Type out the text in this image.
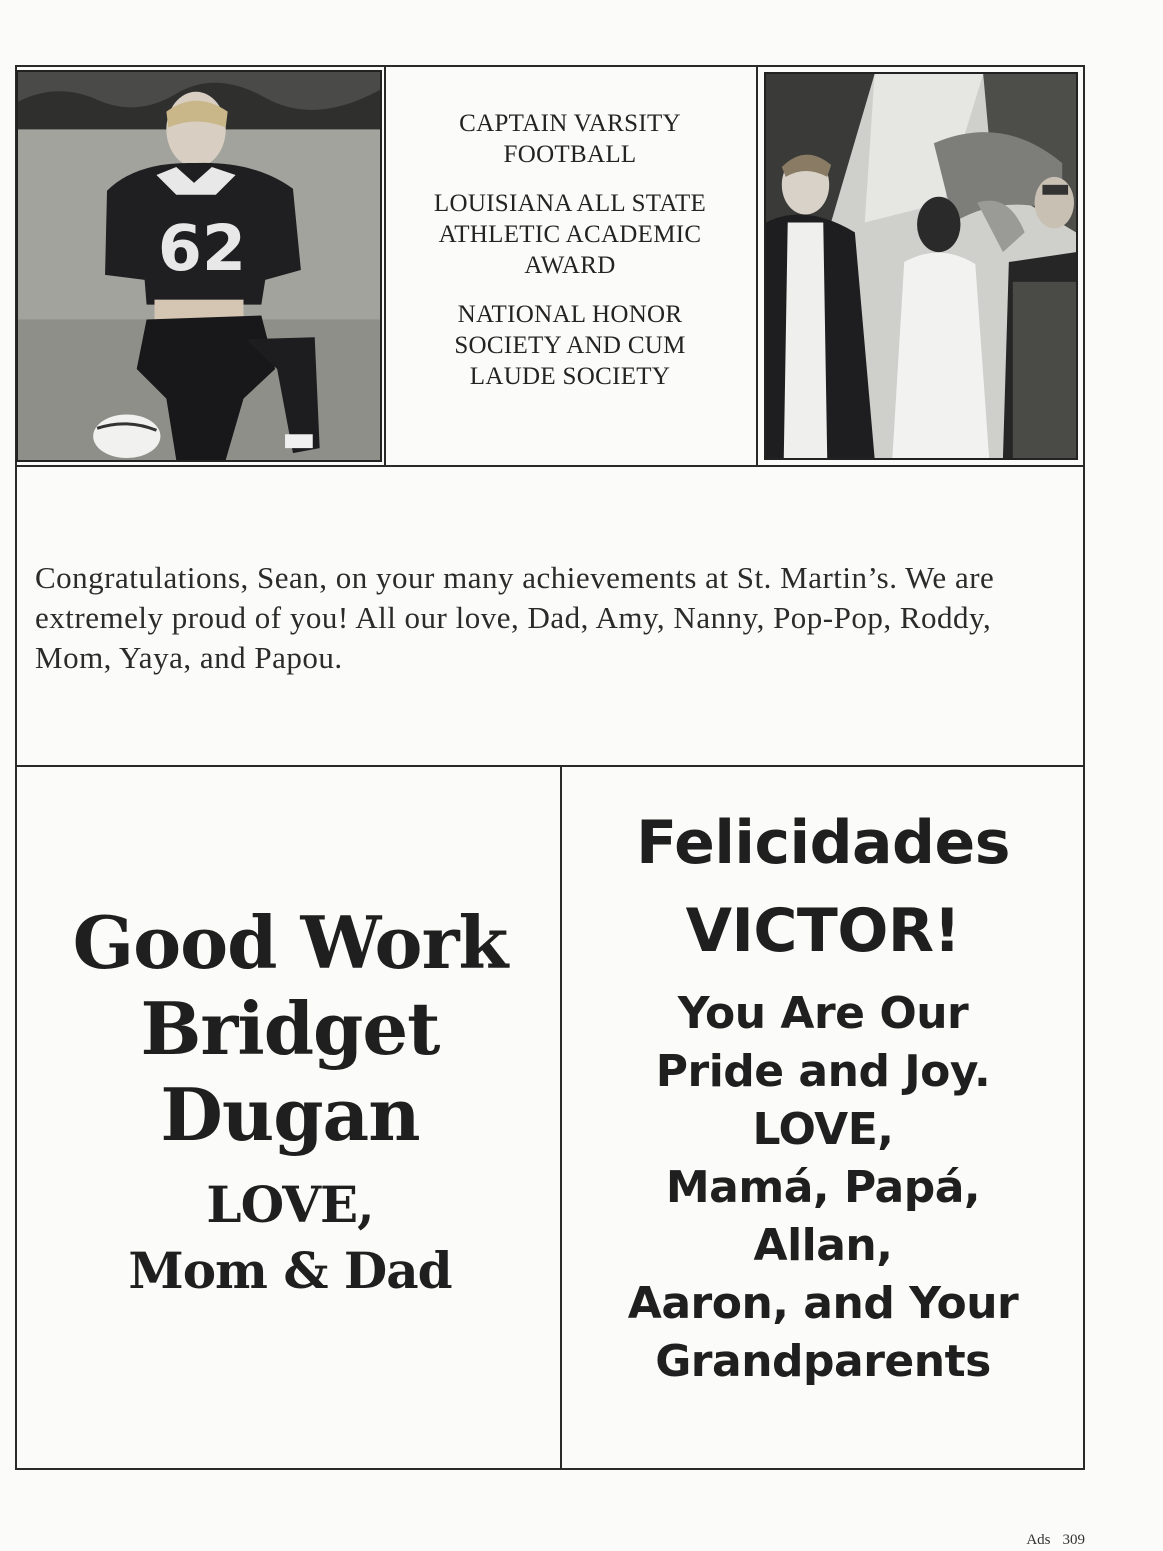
62

CAPTAIN VARSITY
FOOTBALL

LOUISIANA ALL STATE
ATHLETIC ACADEMIC
AWARD

NATIONAL HONOR
SOCIETY AND CUM
LAUDE SOCIETY

Congratulations, Sean, on your many achievements at St. Martin’s. We are extremely proud of you! All our love, Dad, Amy, Nanny, Pop-Pop, Roddy, Mom, Yaya, and Papou.
Good Work
Bridget
Dugan
LOVE,
Mom & Dad
Felicidades
VICTOR!
You Are Our
Pride and Joy.
LOVE,
Mamá, Papá,
Allan,
Aaron, and Your
Grandparents
Ads 309
